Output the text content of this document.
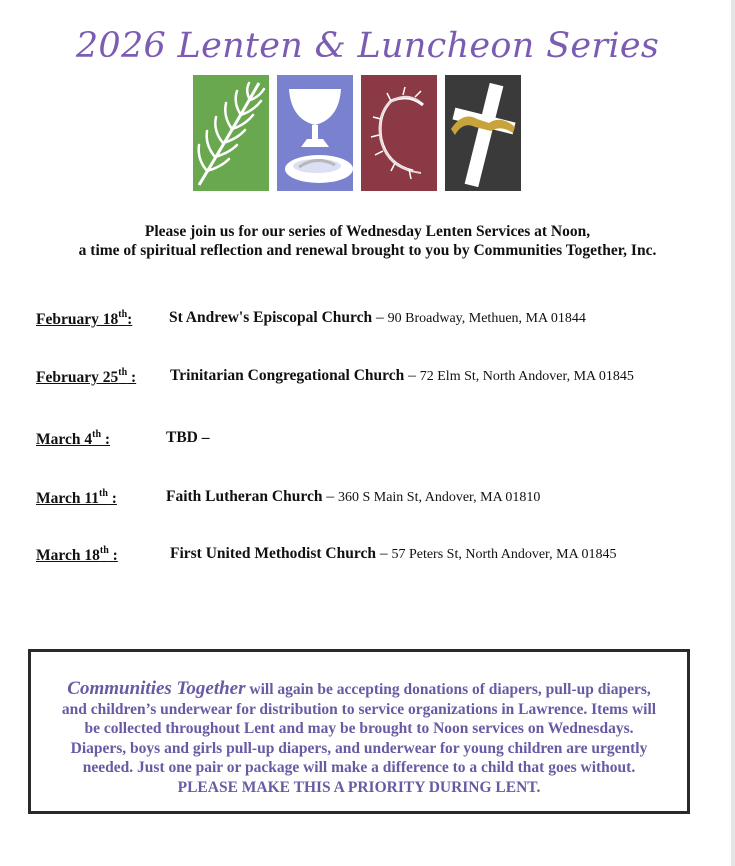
2026 Lenten & Luncheon Series
Please join us for our series of Wednesday Lenten Services at Noon,
a time of spiritual reflection and renewal brought to you by Communities Together, Inc.
February 18th: St Andrew's Episcopal Church – 90 Broadway, Methuen, MA 01844
February 25th : Trinitarian Congregational Church – 72 Elm St, North Andover, MA 01845
March 4th :	TBD –
March 11th :	Faith Lutheran Church – 360 S Main St, Andover, MA 01810
March 18th :	First United Methodist Church – 57 Peters St, North Andover, MA 01845
Communities Together will again be accepting donations of diapers, pull-up diapers,
and children’s underwear for distribution to service organizations in Lawrence. Items will
be collected throughout Lent and may be brought to Noon services on Wednesdays.
Diapers, boys and girls pull-up diapers, and underwear for young children are urgently
needed. Just one pair or package will make a difference to a child that goes without.
PLEASE MAKE THIS A PRIORITY DURING LENT.
